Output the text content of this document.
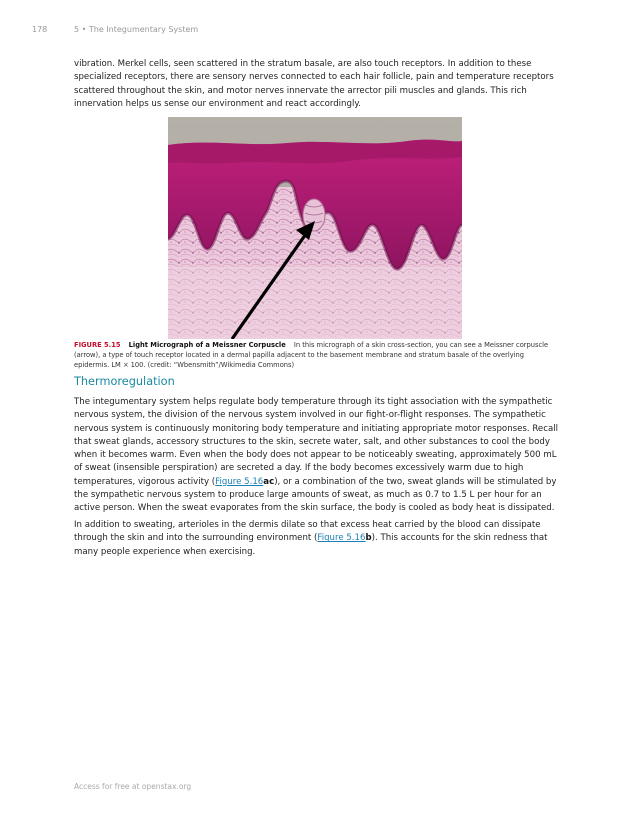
178	5 • The Integumentary System
vibration. Merkel cells, seen scattered in the stratum basale, are also touch receptors. In addition to these specialized receptors, there are sensory nerves connected to each hair follicle, pain and temperature receptors scattered throughout the skin, and motor nerves innervate the arrector pili muscles and glands. This rich innervation helps us sense our environment and react accordingly.
FIGURE 5.15 Light Micrograph of a Meissner Corpuscle In this micrograph of a skin cross-section, you can see a Meissner corpuscle (arrow), a type of touch receptor located in a dermal papilla adjacent to the basement membrane and stratum basale of the overlying epidermis. LM × 100. (credit: “Wbensmith”/Wikimedia Commons)
Thermoregulation
The integumentary system helps regulate body temperature through its tight association with the sympathetic nervous system, the division of the nervous system involved in our fight-or-flight responses. The sympathetic nervous system is continuously monitoring body temperature and initiating appropriate motor responses. Recall that sweat glands, accessory structures to the skin, secrete water, salt, and other substances to cool the body when it becomes warm. Even when the body does not appear to be noticeably sweating, approximately 500 mL of sweat (insensible perspiration) are secreted a day. If the body becomes excessively warm due to high temperatures, vigorous activity (Figure 5.16ac), or a combination of the two, sweat glands will be stimulated by the sympathetic nervous system to produce large amounts of sweat, as much as 0.7 to 1.5 L per hour for an active person. When the sweat evaporates from the skin surface, the body is cooled as body heat is dissipated.
In addition to sweating, arterioles in the dermis dilate so that excess heat carried by the blood can dissipate through the skin and into the surrounding environment (Figure 5.16b). This accounts for the skin redness that many people experience when exercising.
Access for free at openstax.org
